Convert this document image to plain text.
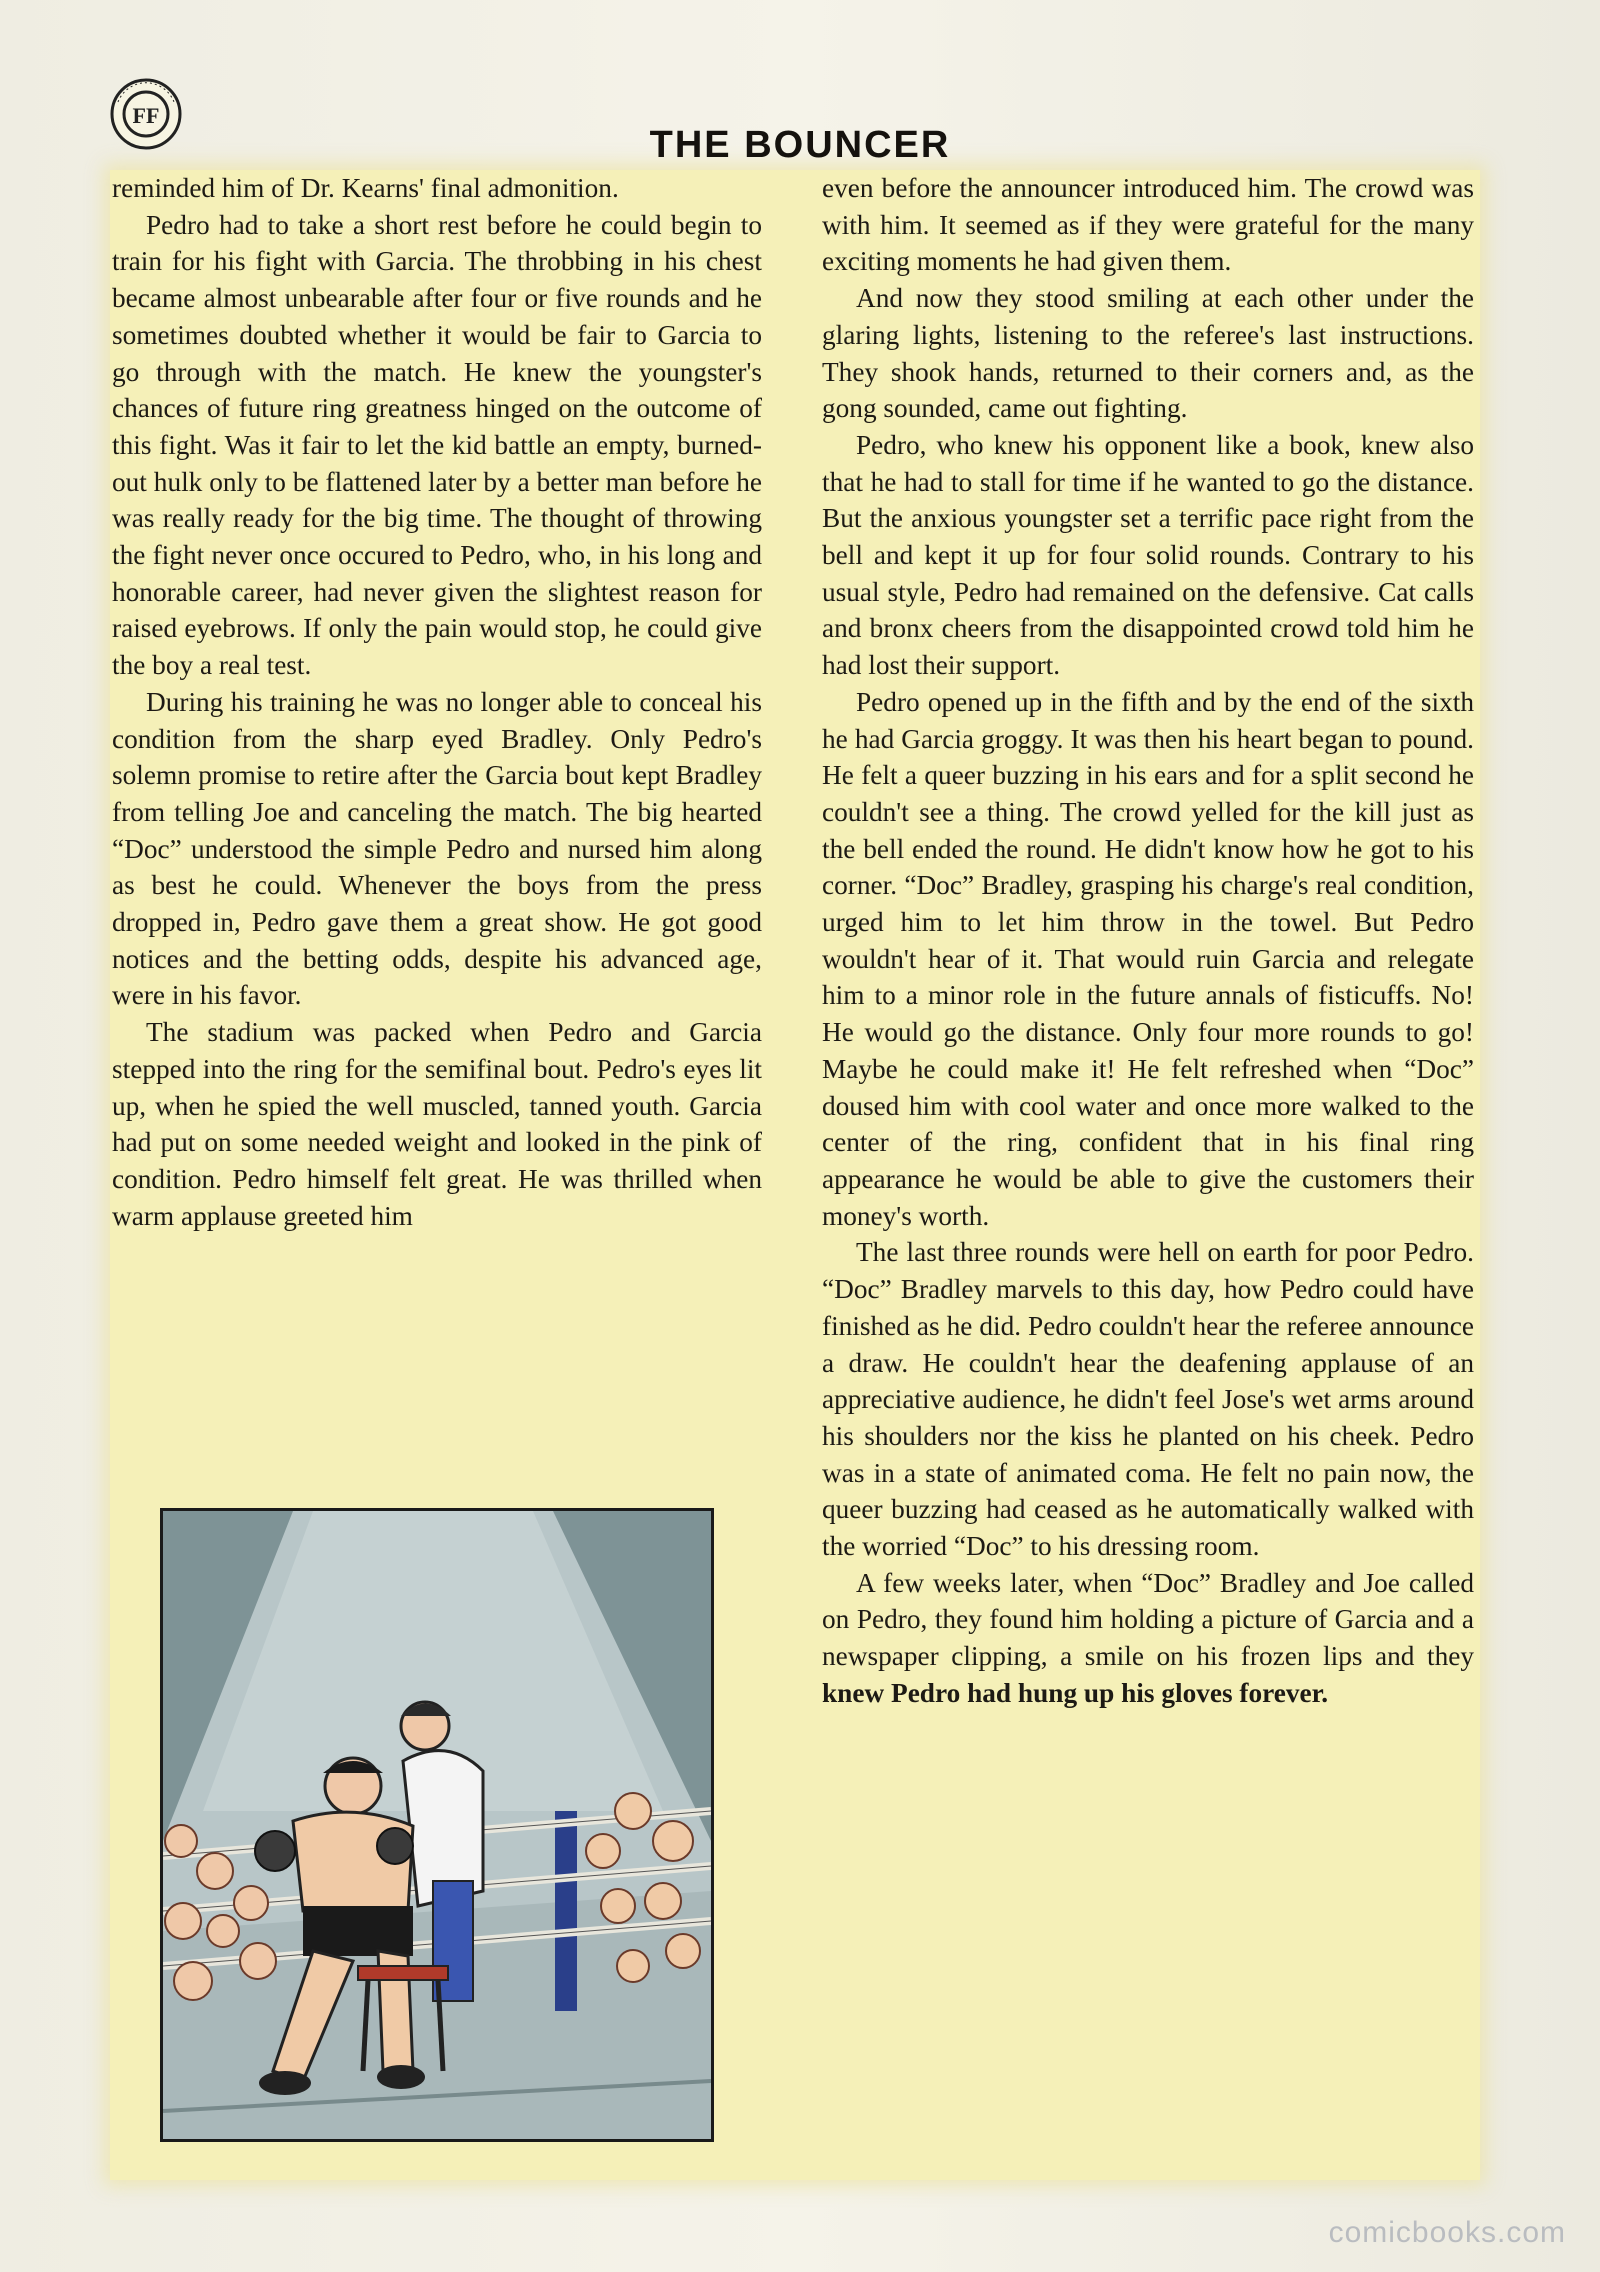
FF
THE BOUNCER

reminded him of Dr. Kearns' final admonition.

Pedro had to take a short rest before he could begin to train for his fight with Garcia. The throbbing in his chest became almost unbearable after four or five rounds and he sometimes doubted whether it would be fair to Garcia to go through with the match. He knew the youngster's chances of future ring greatness hinged on the outcome of this fight. Was it fair to let the kid battle an empty, burned-out hulk only to be flattened later by a better man before he was really ready for the big time. The thought of throwing the fight never once occured to Pedro, who, in his long and honorable career, had never given the slightest reason for raised eyebrows. If only the pain would stop, he could give the boy a real test.

During his training he was no longer able to conceal his condition from the sharp eyed Bradley. Only Pedro's solemn promise to retire after the Garcia bout kept Bradley from telling Joe and canceling the match. The big hearted “Doc” understood the simple Pedro and nursed him along as best he could. Whenever the boys from the press dropped in, Pedro gave them a great show. He got good notices and the betting odds, despite his advanced age, were in his favor.

The stadium was packed when Pedro and Garcia stepped into the ring for the semifinal bout. Pedro's eyes lit up, when he spied the well muscled, tanned youth. Garcia had put on some needed weight and looked in the pink of condition. Pedro himself felt great. He was thrilled when warm applause greeted him

even before the announcer introduced him. The crowd was with him. It seemed as if they were grateful for the many exciting moments he had given them.

And now they stood smiling at each other under the glaring lights, listening to the referee's last instructions. They shook hands, returned to their corners and, as the gong sounded, came out fighting.

Pedro, who knew his opponent like a book, knew also that he had to stall for time if he wanted to go the distance. But the anxious youngster set a terrific pace right from the bell and kept it up for four solid rounds. Contrary to his usual style, Pedro had remained on the defensive. Cat calls and bronx cheers from the disappointed crowd told him he had lost their support.

Pedro opened up in the fifth and by the end of the sixth he had Garcia groggy. It was then his heart began to pound. He felt a queer buzzing in his ears and for a split second he couldn't see a thing. The crowd yelled for the kill just as the bell ended the round. He didn't know how he got to his corner. “Doc” Bradley, grasping his charge's real condition, urged him to let him throw in the towel. But Pedro wouldn't hear of it. That would ruin Garcia and relegate him to a minor role in the future annals of fisticuffs. No! He would go the distance. Only four more rounds to go! Maybe he could make it! He felt refreshed when “Doc” doused him with cool water and once more walked to the center of the ring, confident that in his final ring appearance he would be able to give the customers their money's worth.

The last three rounds were hell on earth for poor Pedro. “Doc” Bradley marvels to this day, how Pedro could have finished as he did. Pedro couldn't hear the referee announce a draw. He couldn't hear the deafening applause of an appreciative audience, he didn't feel Jose's wet arms around his shoulders nor the kiss he planted on his cheek. Pedro was in a state of animated coma. He felt no pain now, the queer buzzing had ceased as he automatically walked with the worried “Doc” to his dressing room.

A few weeks later, when “Doc” Bradley and Joe called on Pedro, they found him holding a picture of Garcia and a newspaper clipping, a smile on his frozen lips and they knew Pedro had hung up his gloves forever.

comicbooks.com
